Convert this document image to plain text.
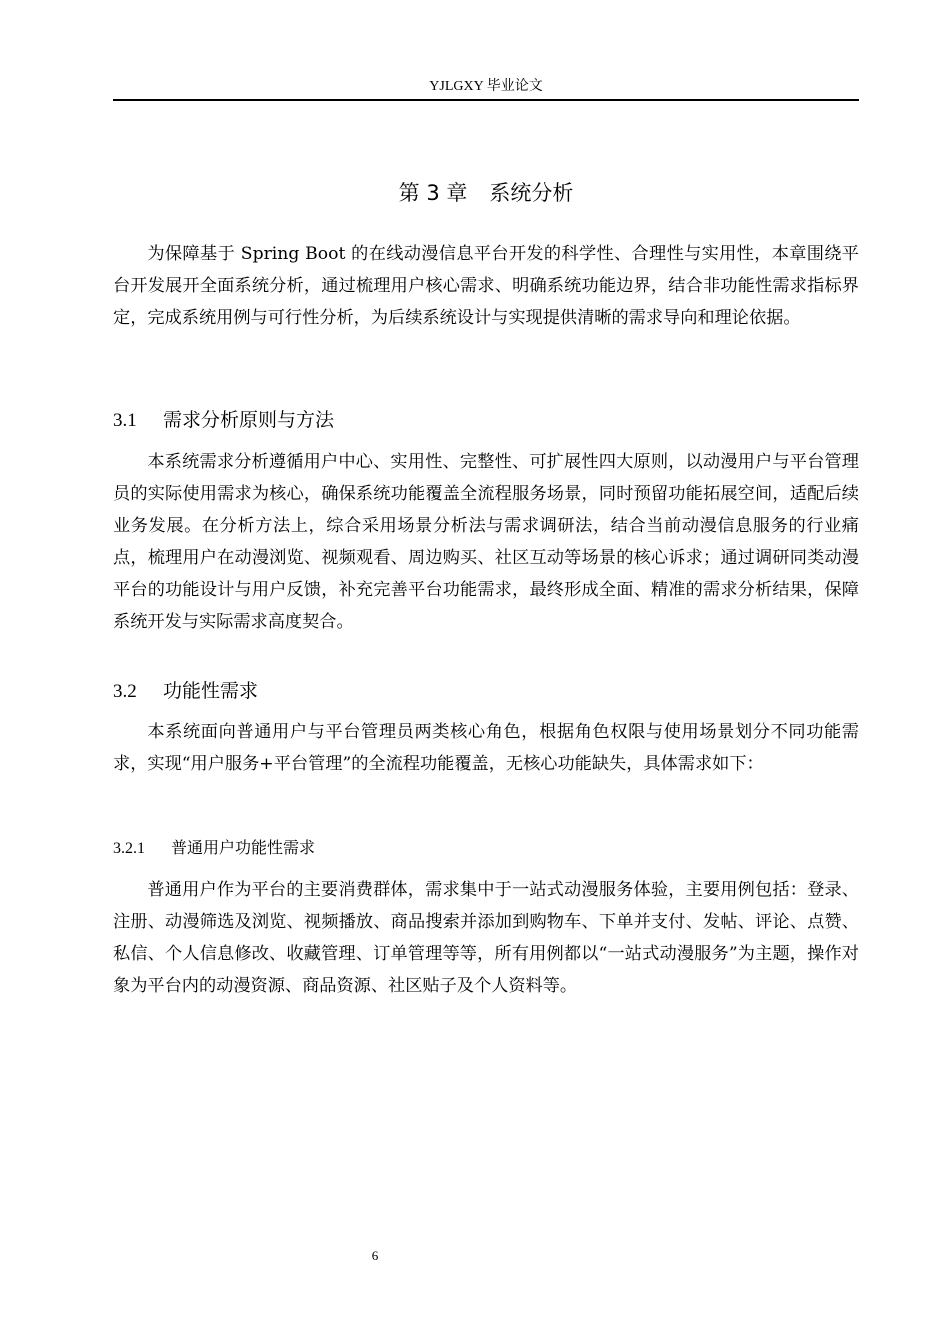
YJLGXY 毕业论文
第 3 章 系统分析

为保障基于 Spring Boot 的在线动漫信息平台开发的科学性、合理性与实用性，本章围绕平台开发展开全面系统分析，通过梳理用户核心需求、明确系统功能边界，结合非功能性需求指标界定，完成系统用例与可行性分析，为后续系统设计与实现提供清晰的需求导向和理论依据。

3.1 需求分析原则与方法

本系统需求分析遵循用户中心、实用性、完整性、可扩展性四大原则，以动漫用户与平台管理员的实际使用需求为核心，确保系统功能覆盖全流程服务场景，同时预留功能拓展空间，适配后续业务发展。在分析方法上，综合采用场景分析法与需求调研法，结合当前动漫信息服务的行业痛点，梳理用户在动漫浏览、视频观看、周边购买、社区互动等场景的核心诉求；通过调研同类动漫平台的功能设计与用户反馈，补充完善平台功能需求，最终形成全面、精准的需求分析结果，保障系统开发与实际需求高度契合。

3.2 功能性需求

本系统面向普通用户与平台管理员两类核心角色，根据角色权限与使用场景划分不同功能需求，实现“用户服务+平台管理”的全流程功能覆盖，无核心功能缺失，具体需求如下：

3.2.1 普通用户功能性需求

普通用户作为平台的主要消费群体，需求集中于一站式动漫服务体验，主要用例包括：登录、注册、动漫筛选及浏览、视频播放、商品搜索并添加到购物车、下单并支付、发帖、评论、点赞、私信、个人信息修改、收藏管理、订单管理等等，所有用例都以“一站式动漫服务”为主题，操作对象为平台内的动漫资源、商品资源、社区贴子及个人资料等。

6
